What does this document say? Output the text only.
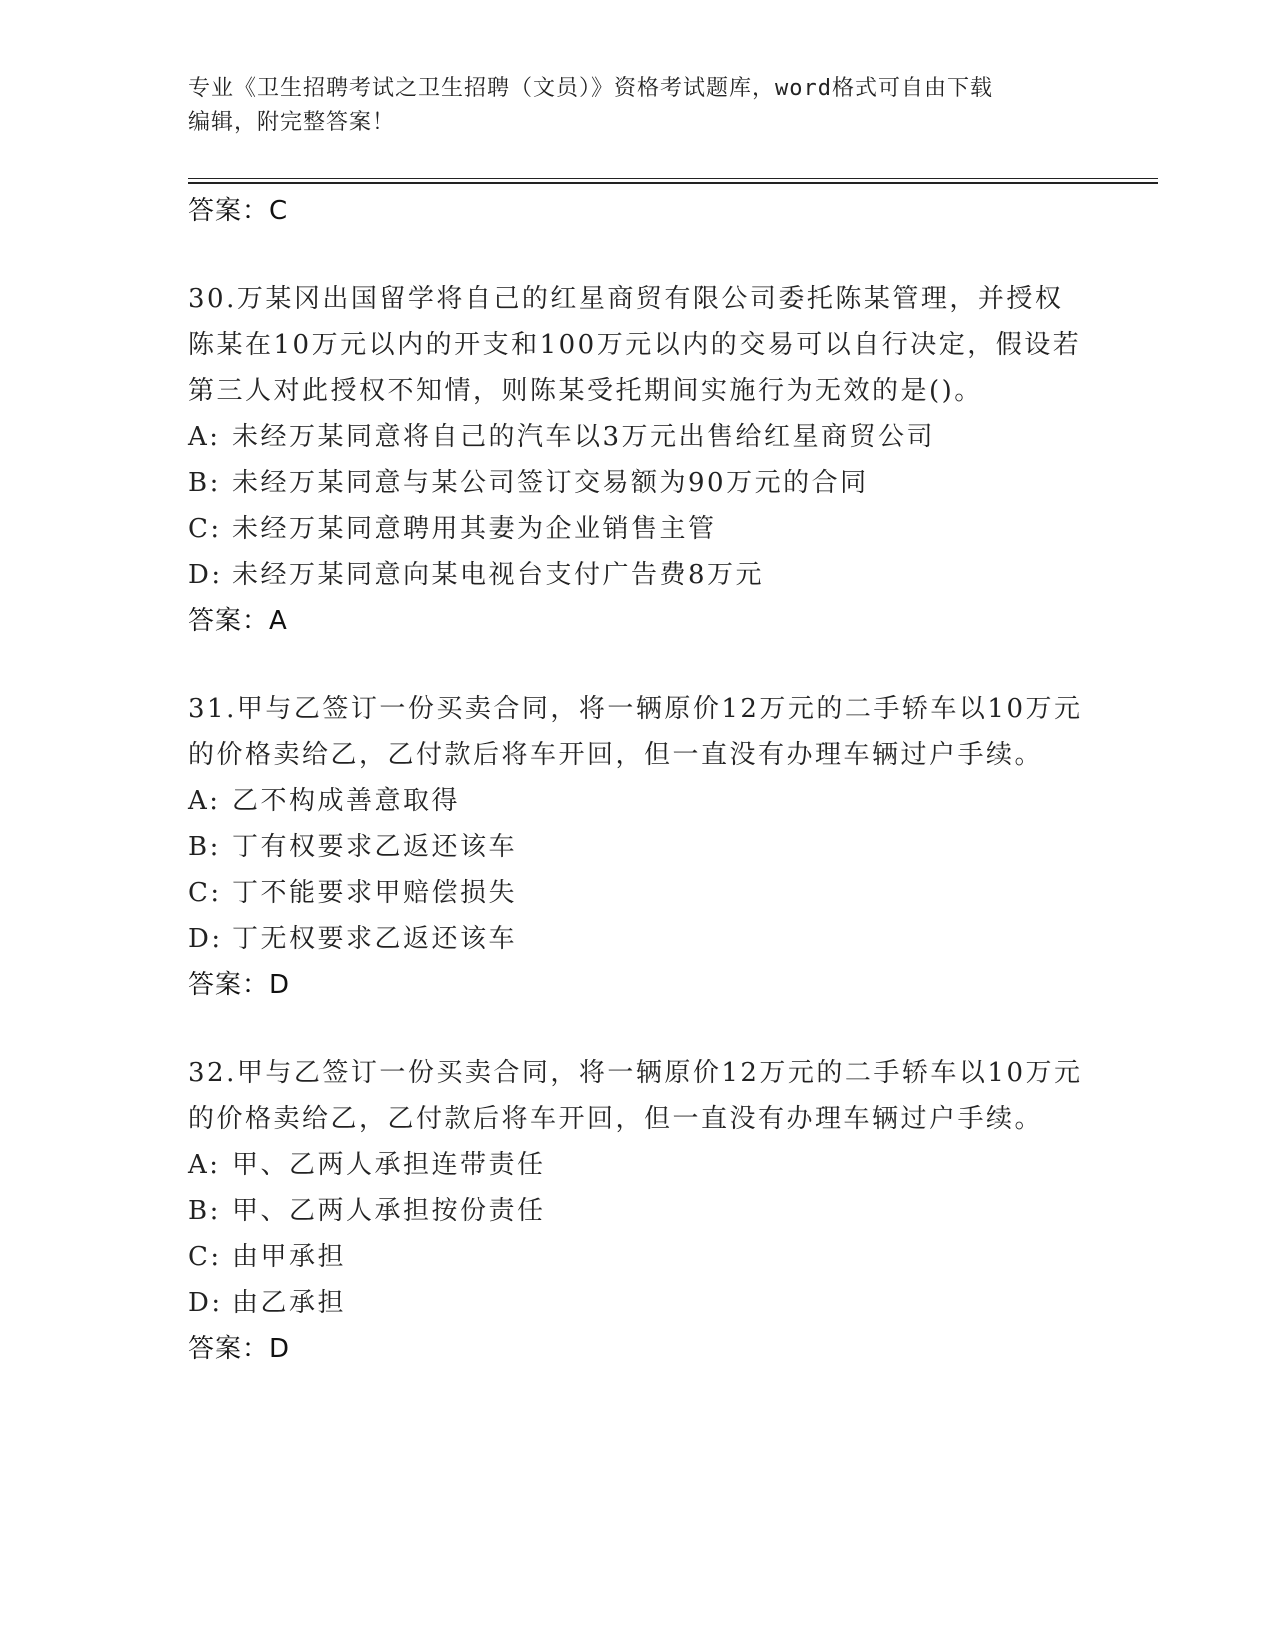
专业《卫生招聘考试之卫生招聘（文员）》资格考试题库，word格式可自由下载
编辑，附完整答案！
答案：C
30.万某冈出国留学将自己的红星商贸有限公司委托陈某管理，并授权陈某在10万元以内的开支和100万元以内的交易可以自行决定，假设若第三人对此授权不知情，则陈某受托期间实施行为无效的是()。
A: 未经万某同意将自己的汽车以3万元出售给红星商贸公司
B: 未经万某同意与某公司签订交易额为90万元的合同
C: 未经万某同意聘用其妻为企业销售主管
D: 未经万某同意向某电视台支付广告费8万元
答案：A
31.甲与乙签订一份买卖合同，将一辆原价12万元的二手轿车以10万元的价格卖给乙，乙付款后将车开回，但一直没有办理车辆过户手续。
A: 乙不构成善意取得
B: 丁有权要求乙返还该车
C: 丁不能要求甲赔偿损失
D: 丁无权要求乙返还该车
答案：D
32.甲与乙签订一份买卖合同，将一辆原价12万元的二手轿车以10万元的价格卖给乙，乙付款后将车开回，但一直没有办理车辆过户手续。
A: 甲、乙两人承担连带责任
B: 甲、乙两人承担按份责任
C: 由甲承担
D: 由乙承担
答案：D
